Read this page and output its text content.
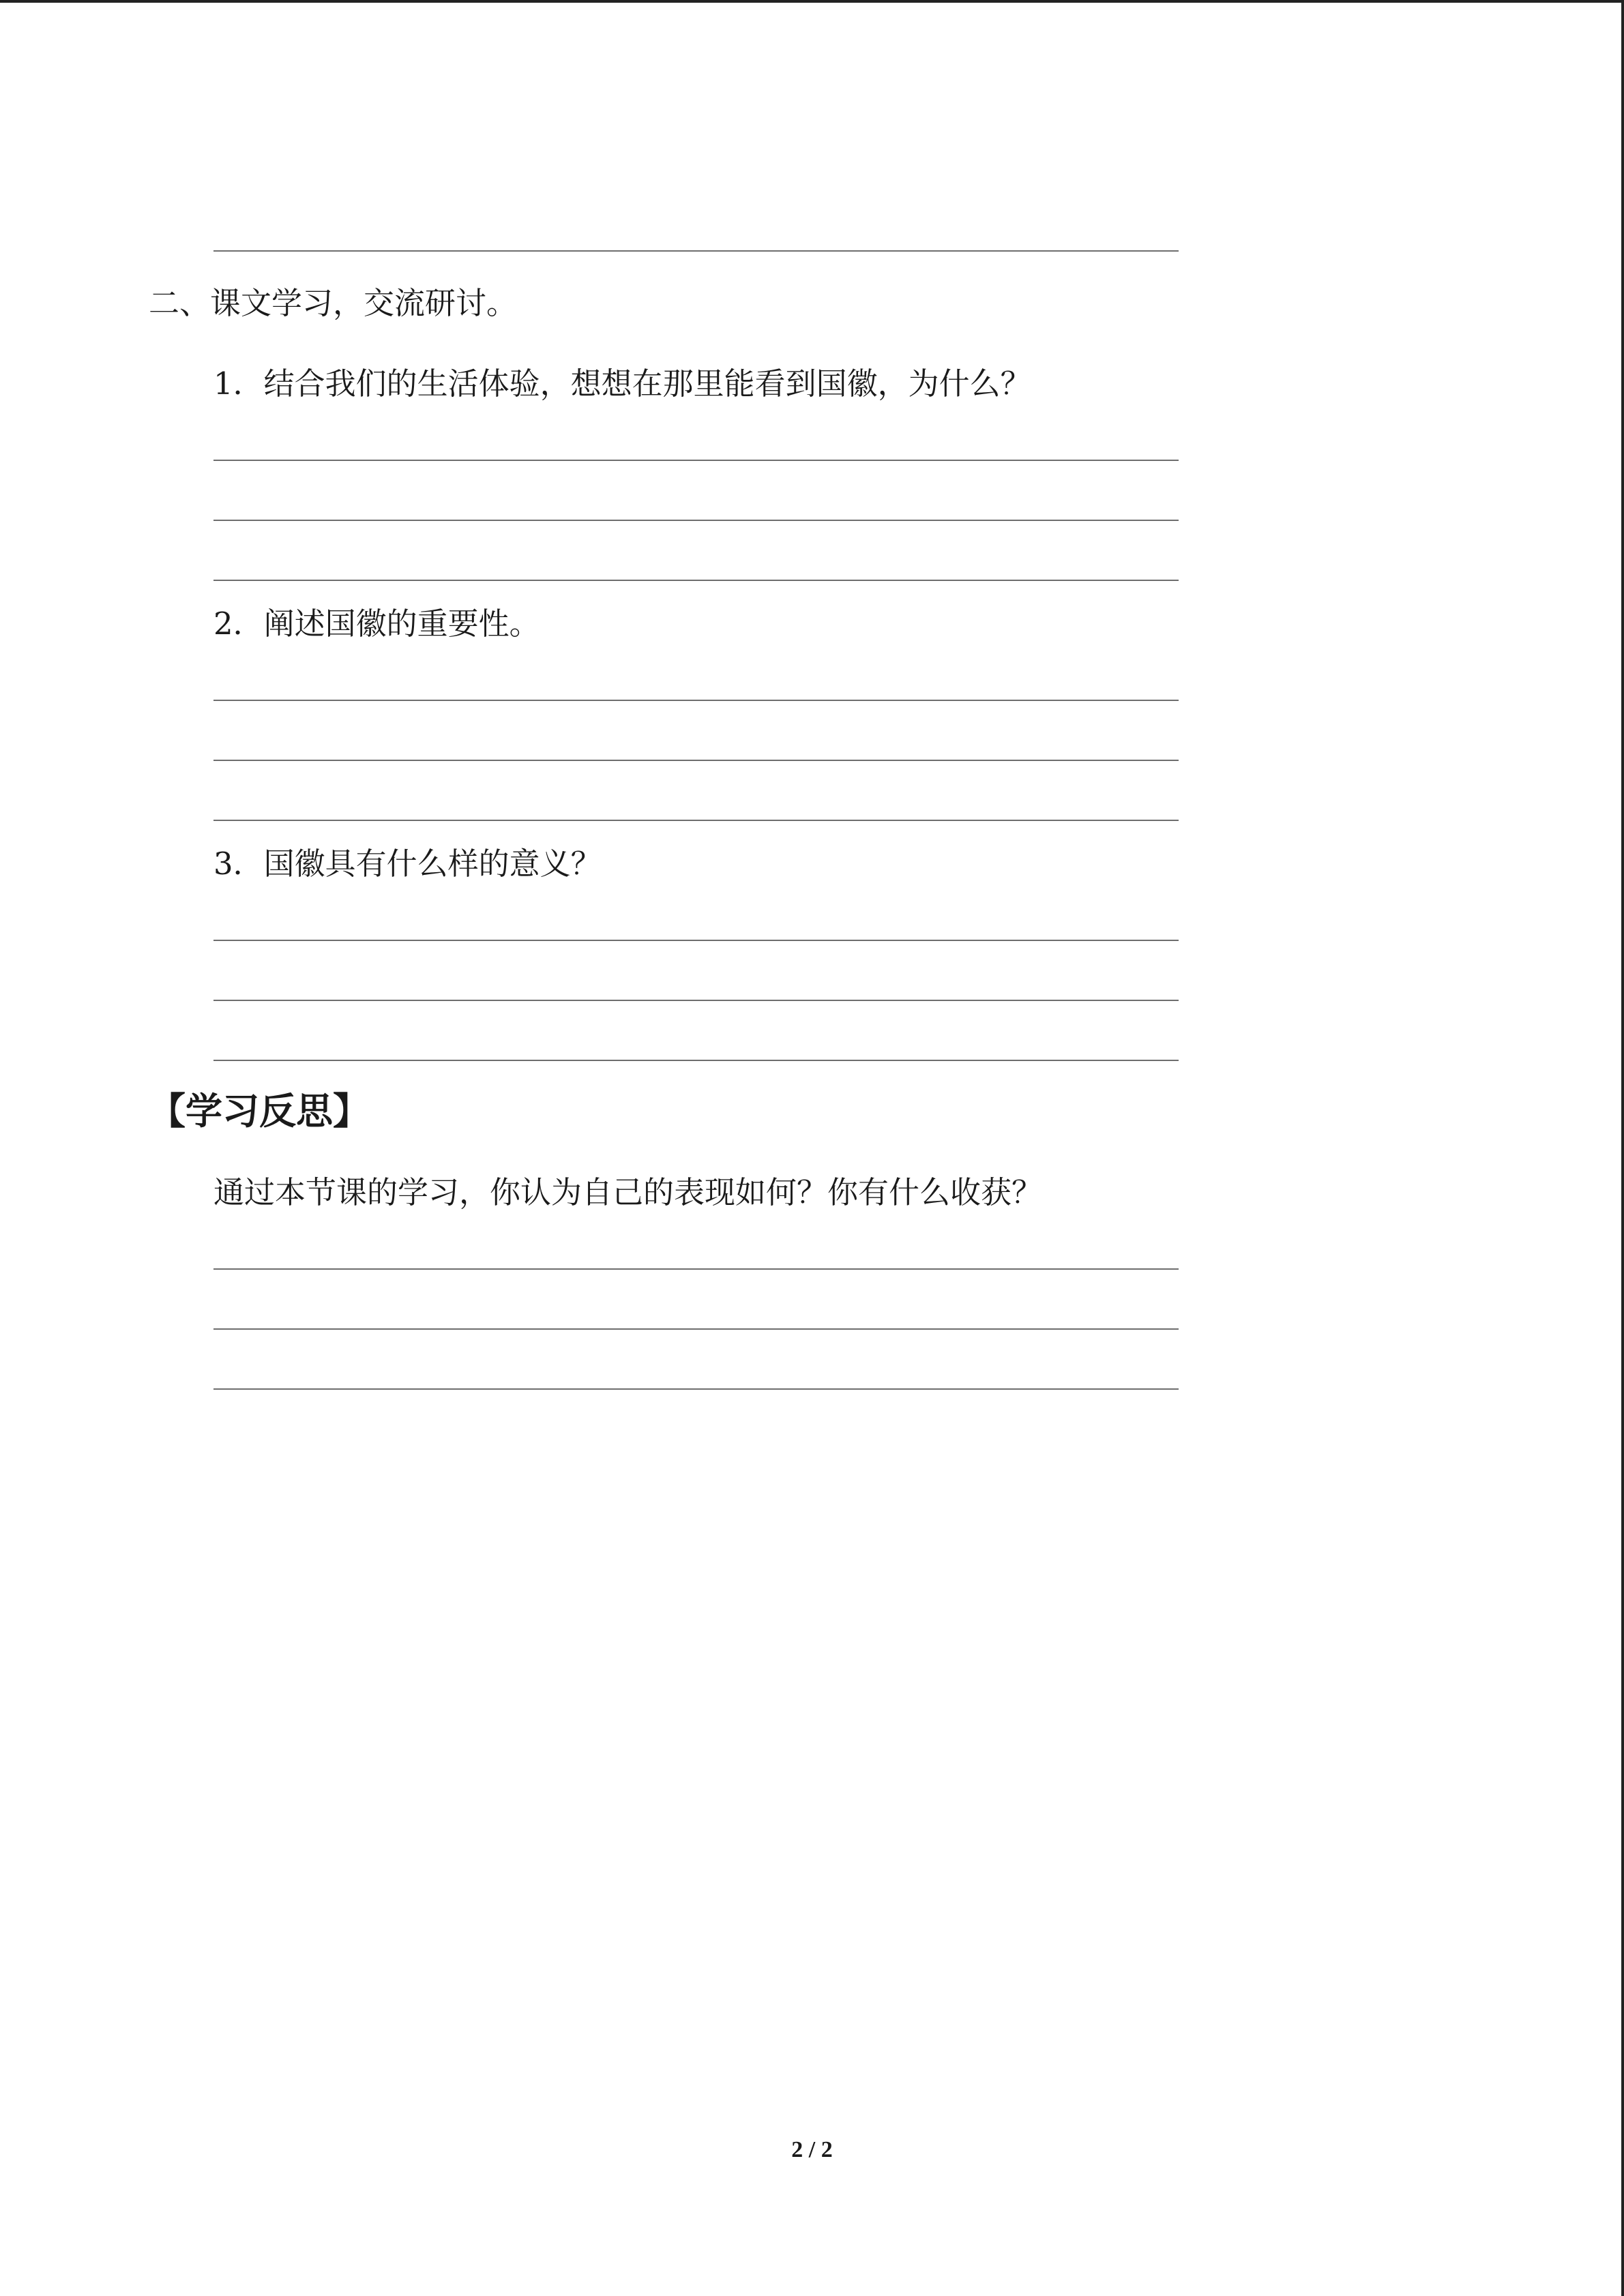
二、课文学习，交流研讨。
1．结合我们的生活体验，想想在那里能看到国徽，为什么？
2．阐述国徽的重要性。
3．国徽具有什么样的意义？
【学习反思】
通过本节课的学习，你认为自己的表现如何？你有什么收获？
2 / 2
